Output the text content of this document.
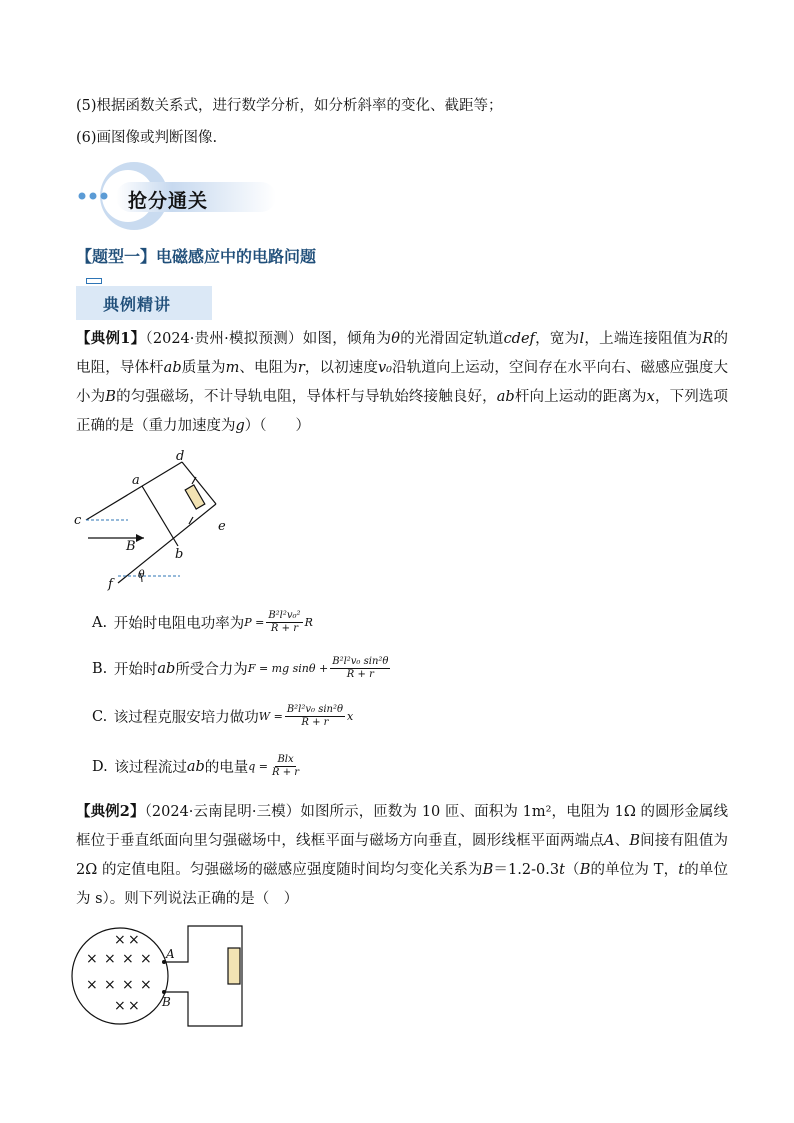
(5)根据函数关系式，进行数学分析，如分析斜率的变化、截距等；
(6)画图像或判断图像.
抢分通关
【题型一】电磁感应中的电路问题
典例精讲
【典例1】（2024·贵州·模拟预测）如图，倾角为θ的光滑固定轨道cdef，宽为l，上端连接阻值为R的电阻，导体杆ab质量为m、电阻为r，以初速度v₀沿轨道向上运动，空间存在水平向右、磁感应强度大小为B的匀强磁场，不计导轨电阻，导体杆与导轨始终接触良好，ab杆向上运动的距离为x，下列选项正确的是（重力加速度为g）（　　）
a
b
c
d
e
f
B
θ
A.
开始时电阻电功率为 $P = \frac{\text{B²l²v₀²}}{R + r}$ R
B.
开始时 ab 所受合力为 F = mg $\sin\theta + \frac{\text{B²l²v₀ sin²θ}}{R + r}$
C.
该过程克服安培力做功 $W = \frac{\text{B²l²v₀ sin²θ}}{R + r}$ x
D.
该过程流过 ab 的电量 $q = \frac{\text{Blx}}{R + r}$
【典例2】（2024·云南昆明·三模）如图所示，匝数为 10 匝、面积为 1m²，电阻为 1Ω 的圆形金属线框位于垂直纸面向里匀强磁场中，线框平面与磁场方向垂直，圆形线框平面两端点A、B间接有阻值为 2Ω 的定值电阻。匀强磁场的磁感应强度随时间均匀变化关系为B＝1.2-0.3t（B的单位为 T，t的单位为 s）。则下列说法正确的是（　）
× ×
× × × ×
× × × ×
× ×
A
B
